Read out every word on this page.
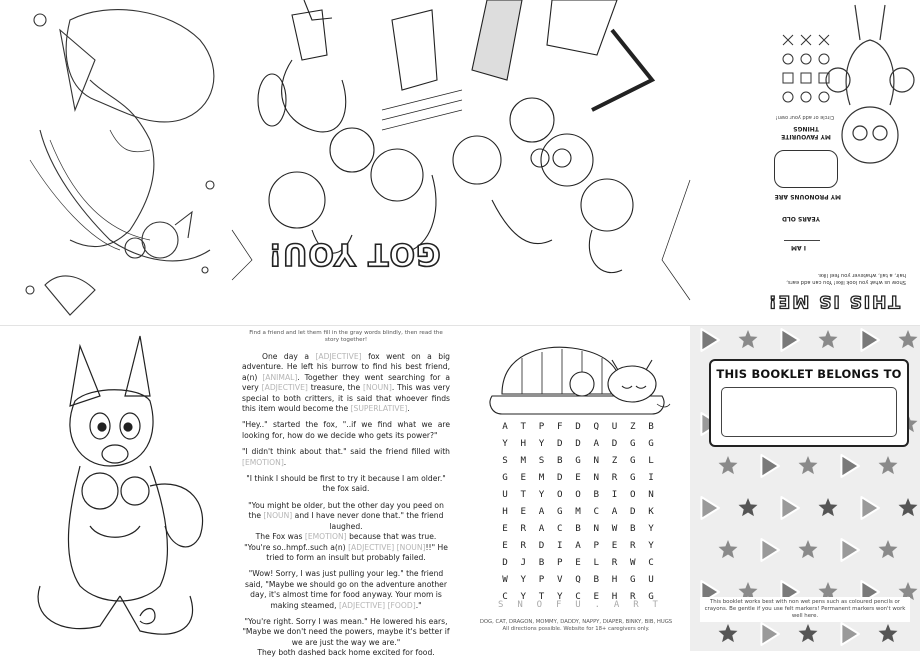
GOT YOU!
THIS IS ME!
Show us what you look like! You can add ears, hair, a tail, whatever you feel like.
I AM
YEARS OLD
MY PRONOUNS ARE
MY FAVOURITE THINGS
Circle or add your own!
Find a friend and let them fill in the gray words blindly, then read the story together!

One day a [ADJECTIVE] fox went on a big adventure. He left his burrow to find his best friend, a(n) [ANIMAL]. Together they went searching for a very [ADJECTIVE] treasure, the [NOUN]. This was very special to both critters, it is said that whoever finds this item would become the [SUPERLATIVE].

"Hey.." started the fox, "..if we find what we are looking for, how do we decide who gets its power?"

"I didn't think about that." said the friend filled with [EMOTION].

"I think I should be first to try it because I am older." the fox said.

"You might be older, but the other day you peed on the [NOUN] and I have never done that." the friend laughed.

The Fox was [EMOTION] because that was true.

"You're so..hmpf..such a(n) [ADJECTIVE] [NOUN]!!" He tried to form an insult but probably failed.

"Wow! Sorry, I was just pulling your leg." the friend said, "Maybe we should go on the adventure another day, it's almost time for food anyway. Your mom is making steamed, [ADJECTIVE] [FOOD]."

"You're right. Sorry I was mean." He lowered his ears, "Maybe we don't need the powers, maybe it's better if we are just the way we are."

They both dashed back home excited for food.

A	T	P	F	D	Q	U	Z	B
Y	H	Y	D	D	A	D	G	G
S	M	S	B	G	N	Z	G	L
G	E	M	D	E	N	R	G	I
U	T	Y	O	O	B	I	O	N
H	E	A	G	M	C	A	D	K
E	R	A	C	B	N	W	B	Y
E	R	D	I	A	P	E	R	Y
D	J	B	P	E	L	R	W	C
W	Y	P	V	Q	B	H	G	U
C	Y	T	Y	C	E	H	R	G
S N O F U . A R T
DOG, CAT, DRAGON, MOMMY, DADDY, NAPPY, DIAPER, BINKY, BIB, HUGS
All directions possible. Website for 18+ caregivers only.
THIS BOOKLET BELONGS TO
This booklet works best with non wet pens such as coloured pencils or crayons. Be gentle if you use felt markers! Permanent markers won't work well here.
